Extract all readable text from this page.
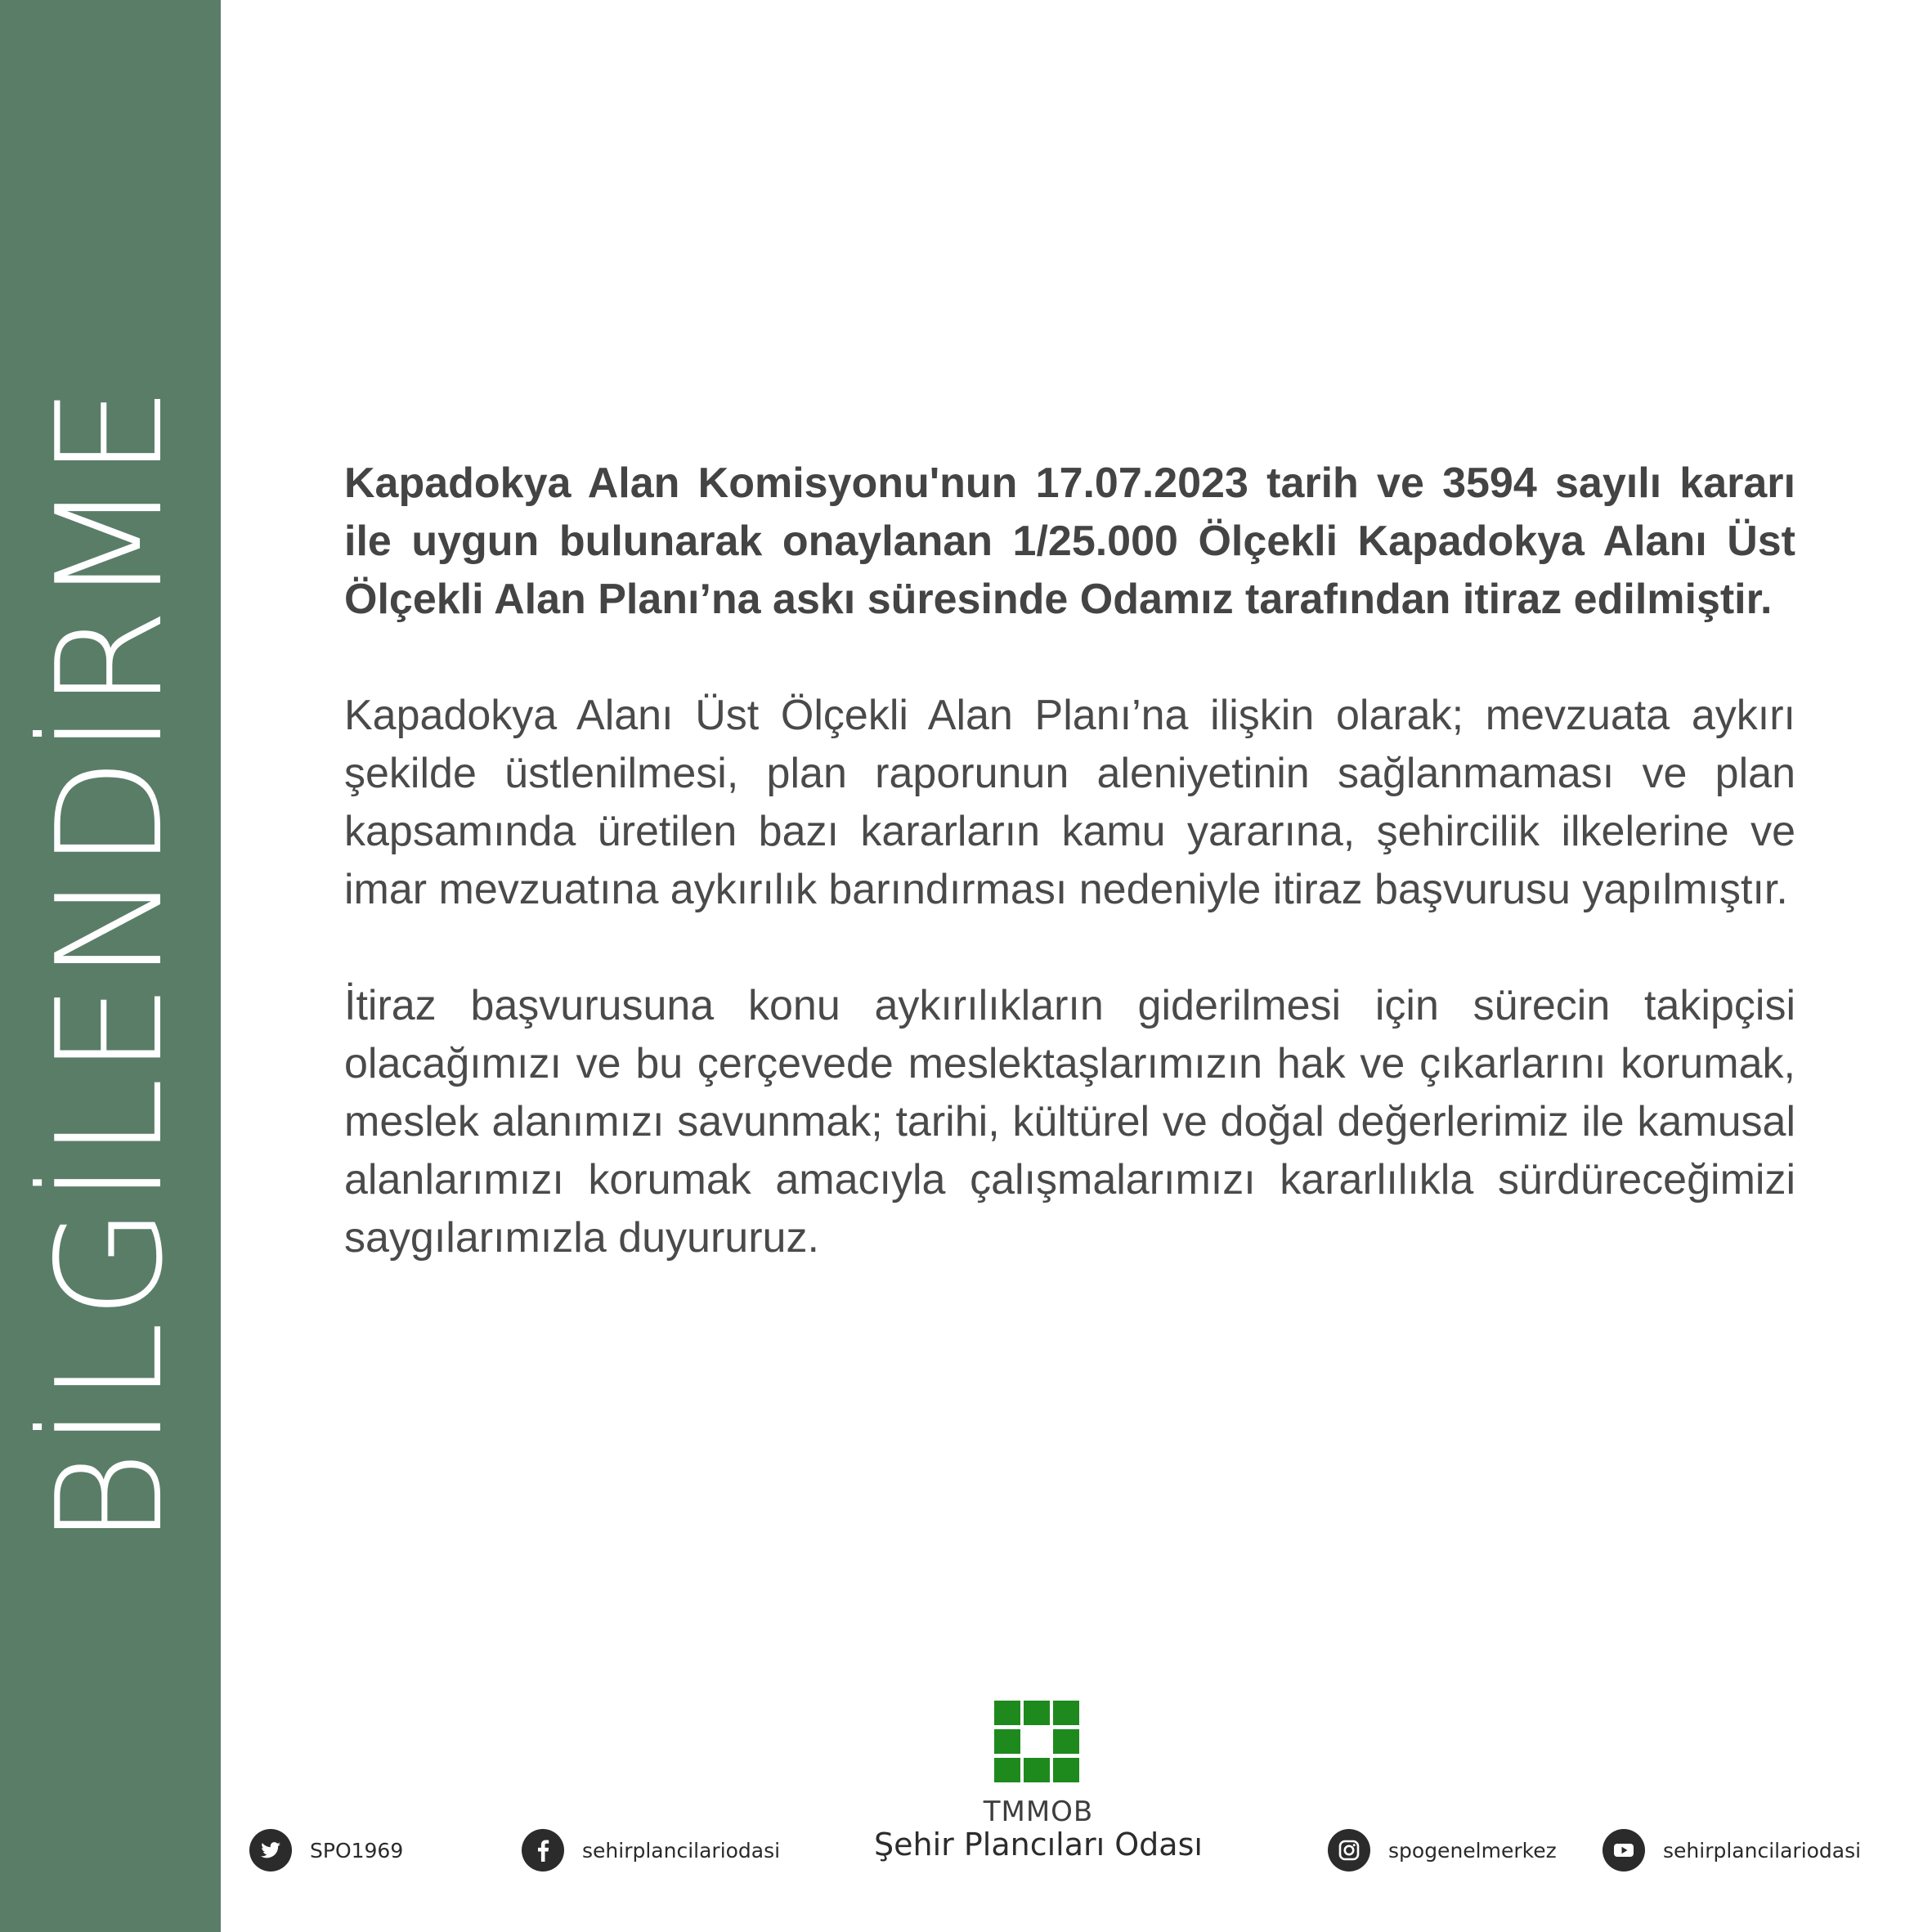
BİLGİLENDİRME	Kapadokya Alan Komisyonu'nun 17.07.2023 tarih ve 3594 sayılı kararı ile uygun bulunarak onaylanan 1/25.000 Ölçekli Kapadokya Alanı Üst Ölçekli Alan Planı’na askı süresinde Odamız tarafından itiraz edilmiştir.

Kapadokya Alanı Üst Ölçekli Alan Planı’na ilişkin olarak; mevzuata aykırı şekilde üstlenilmesi, plan raporunun aleniyetinin sağlanmaması ve plan kapsamında üretilen bazı kararların kamu yararına, şehircilik ilkelerine ve imar mevzuatına aykırılık barındırması nedeniyle itiraz başvurusu yapılmıştır.

İtiraz başvurusuna konu aykırılıkların giderilmesi için sürecin takipçisi olacağımızı ve bu çerçevede meslektaşlarımızın hak ve çıkarlarını korumak, meslek alanımızı savunmak; tarihi, kültürel ve doğal değerlerimiz ile kamusal alanlarımızı korumak amacıyla çalışmalarımızı kararlılıkla sürdüreceğimizi saygılarımızla duyururuz.

TMMOB
Şehir Plancıları Odası
SPO1969	sehirplancilariodasi	spogenelmerkez	sehirplancilariodasi
